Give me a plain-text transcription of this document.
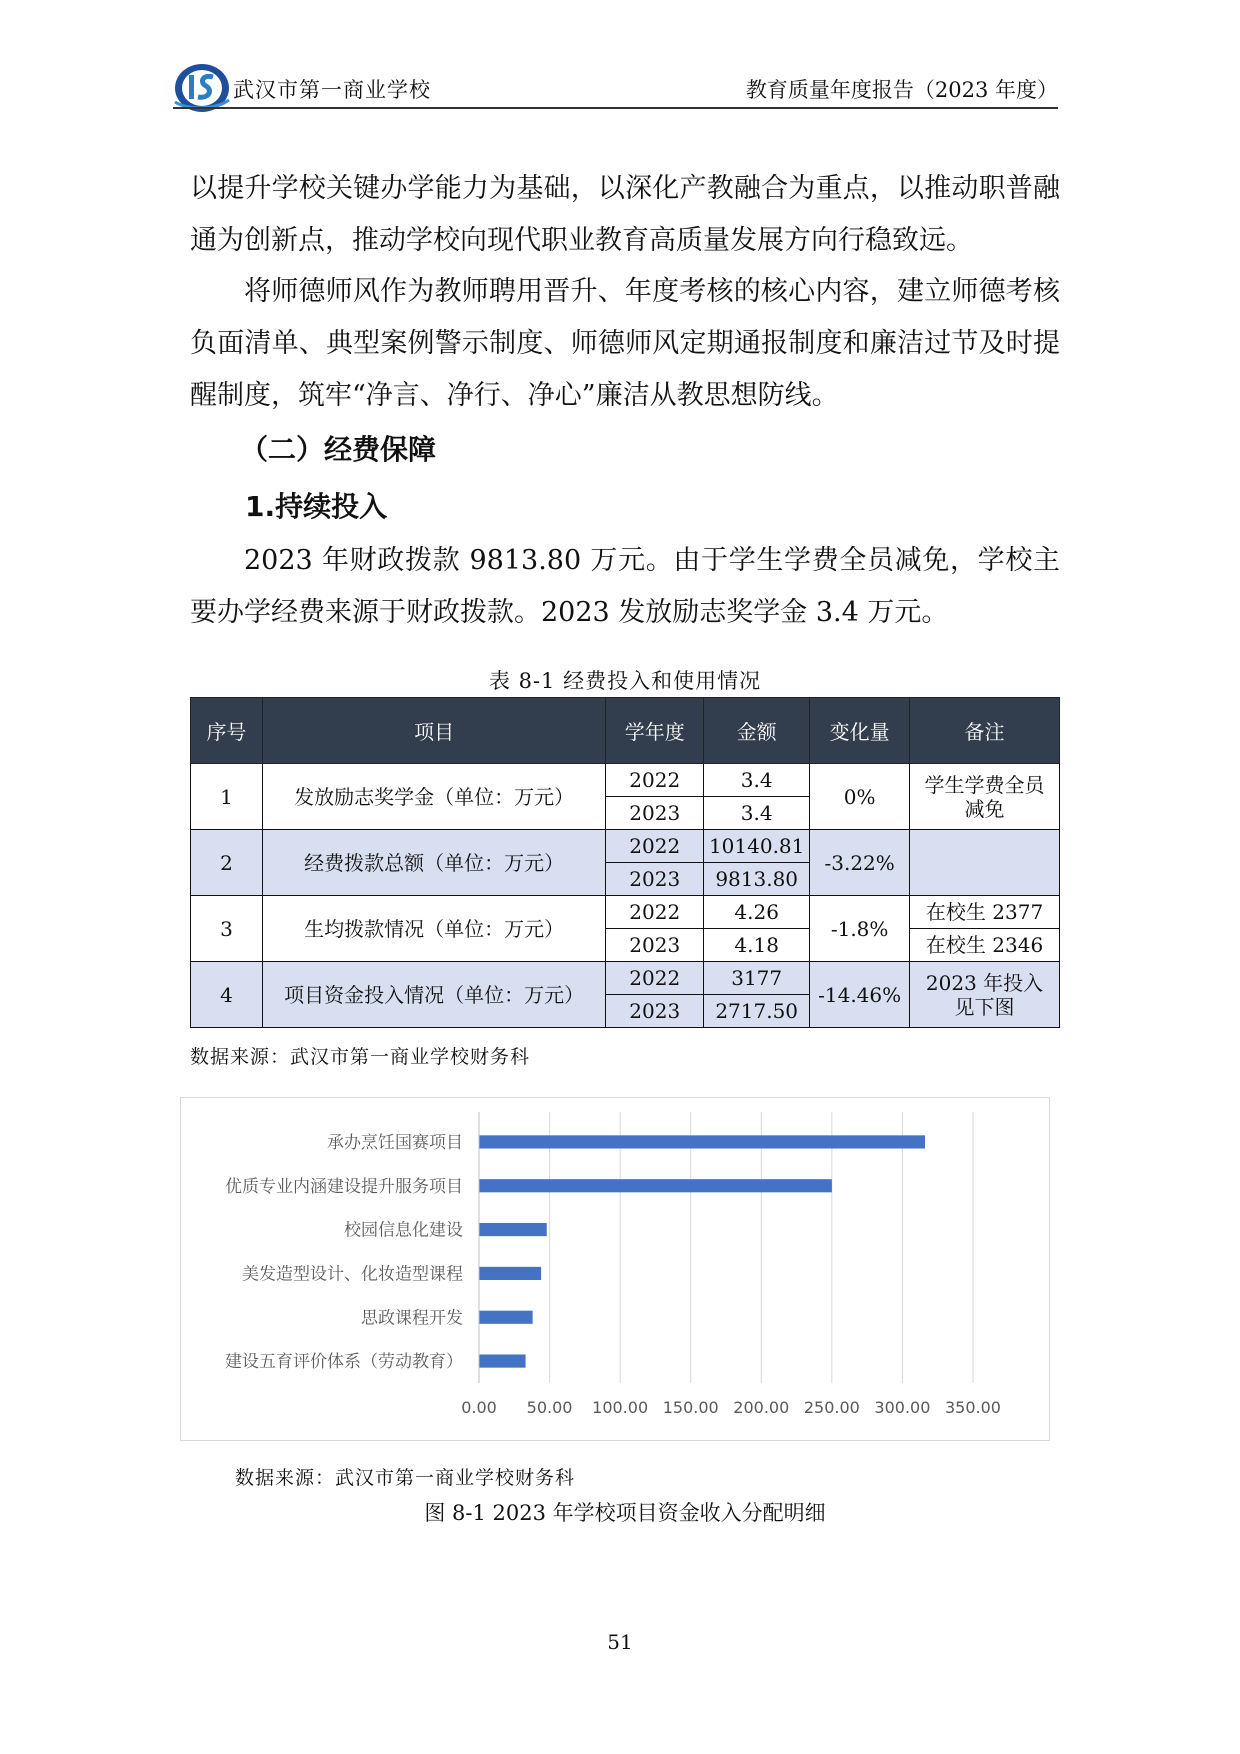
武汉市第一商业学校	教育质量年度报告（2023 年度）

以提升学校关键办学能力为基础，以深化产教融合为重点，以推动职普融通为创新点，推动学校向现代职业教育高质量发展方向行稳致远。

将师德师风作为教师聘用晋升、年度考核的核心内容，建立师德考核负面清单、典型案例警示制度、师德师风定期通报制度和廉洁过节及时提醒制度，筑牢“净言、净行、净心”廉洁从教思想防线。

（二）经费保障
1.持续投入

2023 年财政拨款 9813.80 万元。由于学生学费全员减免，学校主要办学经费来源于财政拨款。2023 发放励志奖学金 3.4 万元。

表 8-1 经费投入和使用情况
序号	项目	学年度	金额	变化量	备注
1	发放励志奖学金（单位：万元）	2022	3.4	0%	学生学费全员减免
		2023	3.4		
2	经费拨款总额（单位：万元）	2022	10140.81	-3.22%	
		2023	9813.80		
3	生均拨款情况（单位：万元）	2022	4.26	-1.8%	在校生 2377
		2023	4.18		在校生 2346
4	项目资金投入情况（单位：万元）	2022	3177	-14.46%	2023 年投入见下图
		2023	2717.50		
数据来源：武汉市第一商业学校财务科
0.00 50.00 100.00 150.00 200.00 250.00 300.00 350.00
承办烹饪国赛项目
优质专业内涵建设提升服务项目
校园信息化建设
美发造型设计、化妆造型课程
思政课程开发
建设五育评价体系（劳动教育）
数据来源：武汉市第一商业学校财务科
图 8-1 2023 年学校项目资金收入分配明细
51
